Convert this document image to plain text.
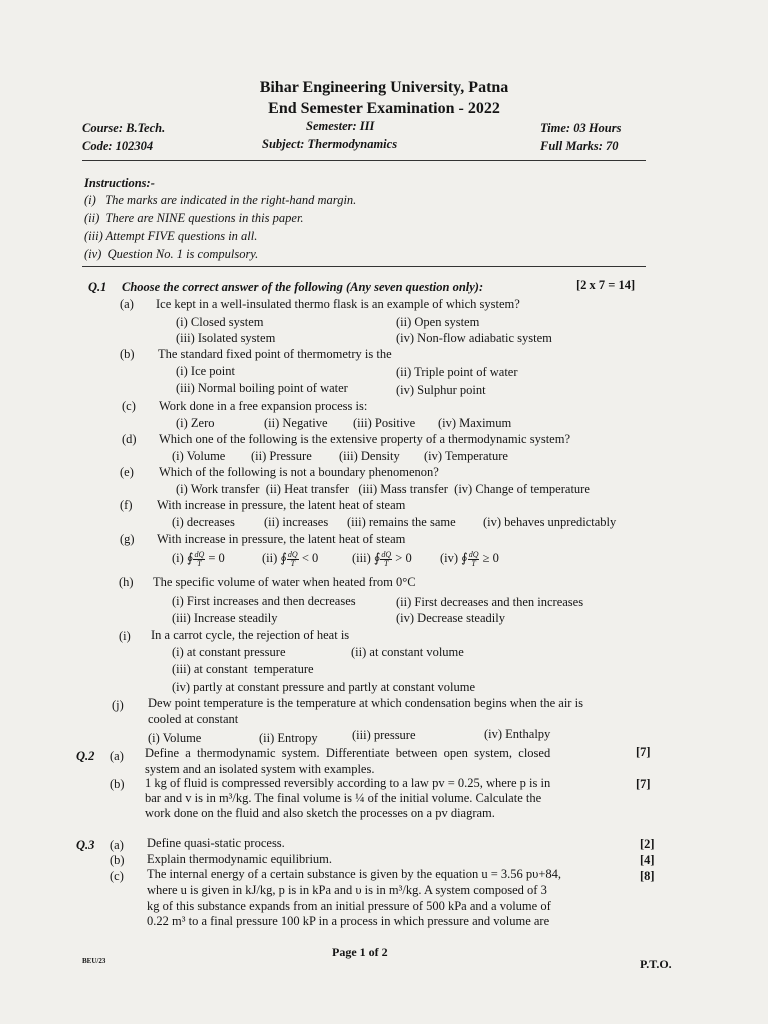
Bihar Engineering University, Patna
End Semester Examination - 2022
Course: B.Tech.	Semester: III	Time: 03 Hours
Code: 102304	Subject: Thermodynamics	Full Marks: 70
Instructions:-
(i)   The marks are indicated in the right-hand margin.
(ii)  There are NINE questions in this paper.
(iii) Attempt FIVE questions in all.
(iv)  Question No. 1 is compulsory.
Q.1 Choose the correct answer of the following (Any seven question only):	[2 x 7 = 14]
(a) Ice kept in a well-insulated thermo flask is an example of which system?
(i) Closed system	(ii) Open system
(iii) Isolated system	(iv) Non-flow adiabatic system
(b) The standard fixed point of thermometry is the
(i) Ice point	(ii) Triple point of water
(iii) Normal boiling point of water	(iv) Sulphur point
(c) Work done in a free expansion process is:
(i) Zero	(ii) Negative (iii) Positive (iv) Maximum
(d) Which one of the following is the extensive property of a thermodynamic system?
(i) Volume (ii) Pressure (iii) Density (iv) Temperature
(e) Which of the following is not a boundary phenomenon?
(i) Work transfer  (ii) Heat transfer   (iii) Mass transfer  (iv) Change of temperature
(f) With increase in pressure, the latent heat of steam
(i) decreases (ii) increases (iii) remains the same (iv) behaves unpredictably
(g) With increase in pressure, the latent heat of steam
(i) ∮ $\frac{dQ}{T} = 0$	(ii) ∮ $\frac{dQ}{T} < 0$	(iii) ∮ $\frac{dQ}{T} > 0$ (iv) ∮ $\frac{dQ}{T} \ge 0$
(h) The specific volume of water when heated from 0°C
(i) First increases and then decreases	(ii) First decreases and then increases
(iii) Increase steadily	(iv) Decrease steadily
(i) In a carrot cycle, the rejection of heat is
(i) at constant pressure	(ii) at constant volume
(iii) at constant  temperature
(iv) partly at constant pressure and partly at constant volume
(j) Dew point temperature is the temperature at which condensation begins when the air is
cooled at constant
(i) Volume	(ii) Entropy	(iii) pressure	(iv) Enthalpy
Q.2 (a) Define  a  thermodynamic  system.  Differentiate  between  open  system,  closed
system and an isolated system with examples.
[7]
(b) 1 kg of fluid is compressed reversibly according to a law pv = 0.25, where p is in
bar and v is in m³/kg. The final volume is ¼ of the initial volume. Calculate the
work done on the fluid and also sketch the processes on a pv diagram.
[7]
Q.3 (a) Define quasi-static process.	[2]
(b) Explain thermodynamic equilibrium.	[4]
(c) The internal energy of a certain substance is given by the equation u = 3.56 pυ+84,
where u is given in kJ/kg, p is in kPa and υ is in m³/kg. A system composed of 3
kg of this substance expands from an initial pressure of 500 kPa and a volume of
0.22 m³ to a final pressure 100 kP in a process in which pressure and volume are
[8]
Page 1 of 2
BEU/23	P.T.O.
